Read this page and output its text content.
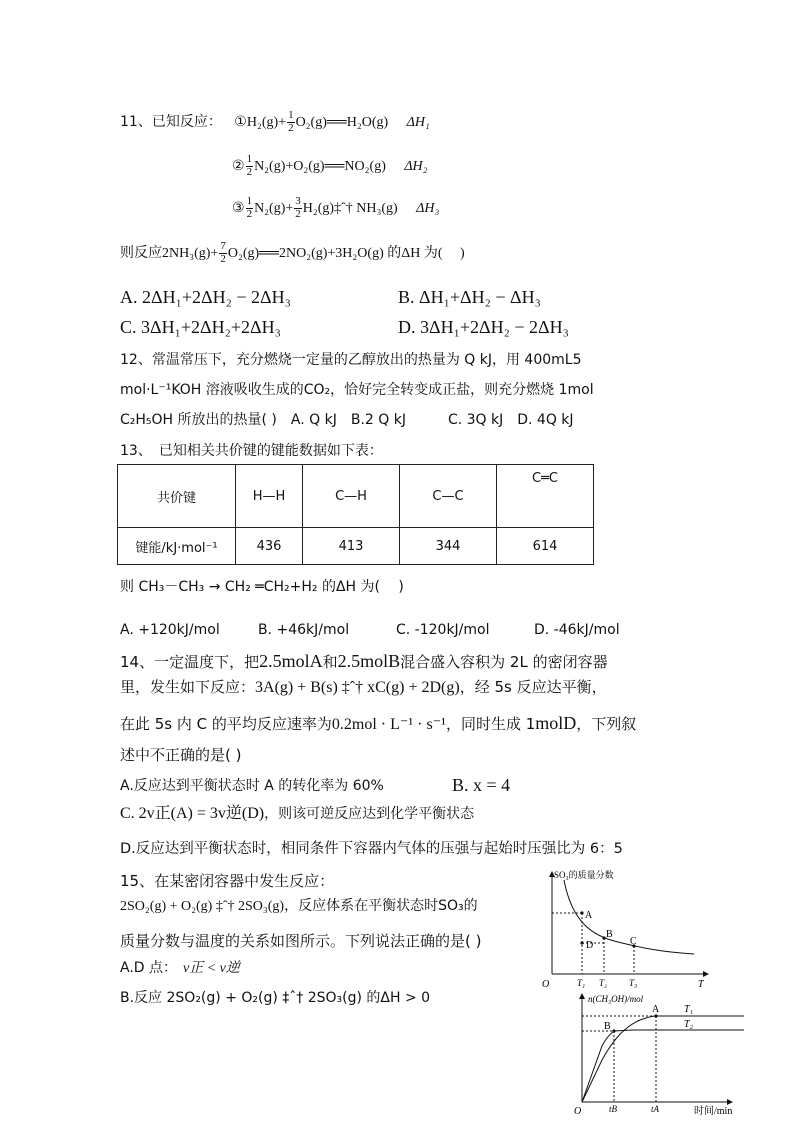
11、已知反应： ①H₂(g)+ $\frac{1}{2}$ O₂(g)══H₂O(g) ΔH₁
② $\frac{1}{2}$ N₂(g)+O₂(g)══NO₂(g) ΔH₂
③ $\frac{1}{2} N_2(g)+ \frac{3}{2}$ H₂(g)‡ˆ† NH₃(g) ΔH₃
则反应$2NH_3(g)+ \frac{7}{2}$ O₂(g)══2NO₂(g)+3H₂O(g) 的ΔH 为(　 )
A. 2ΔH₁+2ΔH₂ − 2ΔH₃	B. ΔH₁+ΔH₂ − ΔH₃
C. 3ΔH₁+2ΔH₂+2ΔH₃	D. 3ΔH₁+2ΔH₂ − 2ΔH₃
12、常温常压下，充分燃烧一定量的乙醇放出的热量为 Q kJ，用 400mL5
mol·L⁻¹KOH 溶液吸收生成的CO₂，恰好完全转变成正盐，则充分燃烧 1mol
C₂H₅OH 所放出的热量( )　A. Q kJ　B.2 Q kJ　　　C. 3Q kJ　D. 4Q kJ
13、　已知相关共价键的键能数据如下表：
共价键	H—H	C—H	C—C	C═C
键能/kJ·mol⁻¹	436	413	344	614
则 CH₃－CH₃ → CH₂ ═CH₂+H₂ 的ΔH 为(　 )
A. +120kJ/mol	B. +46kJ/mol	C. -120kJ/mol	D. -46kJ/mol
14、一定温度下，把2.5molA和2.5molB混合盛入容积为 2L 的密闭容器
里，发生如下反应：3A(g) + B(s) ‡ˆ† xC(g) + 2D(g)，经 5s 反应达平衡，
在此 5s 内 C 的平均反应速率为0.2mol · L⁻¹ · s⁻¹，同时生成 1molD，下列叙
述中不正确的是( )
A.反应达到平衡状态时 A 的转化率为 60%	B. x = 4
C. 2v正(A) = 3v逆(D)，则该可逆反应达到化学平衡状态
D.反应达到平衡状态时，相同条件下容器内气体的压强与起始时压强比为 6：5
15、在某密闭容器中发生反应：
2SO₂(g) + O₂(g) ‡ˆ† 2SO₃(g)，反应体系在平衡状态时SO₃的
质量分数与温度的关系如图所示。下列说法正确的是( )
A.D 点： v正 < v逆
B.反应 2SO₂(g) + O₂(g) ‡ˆ† 2SO₃(g) 的ΔH > 0
SO₃的质量分数
T
O
A
D
B
C
T₁ T₂ T₃
n(CH₃OH)/mol
时间/min
O
A
B
T₁
T₂
tB	tA
